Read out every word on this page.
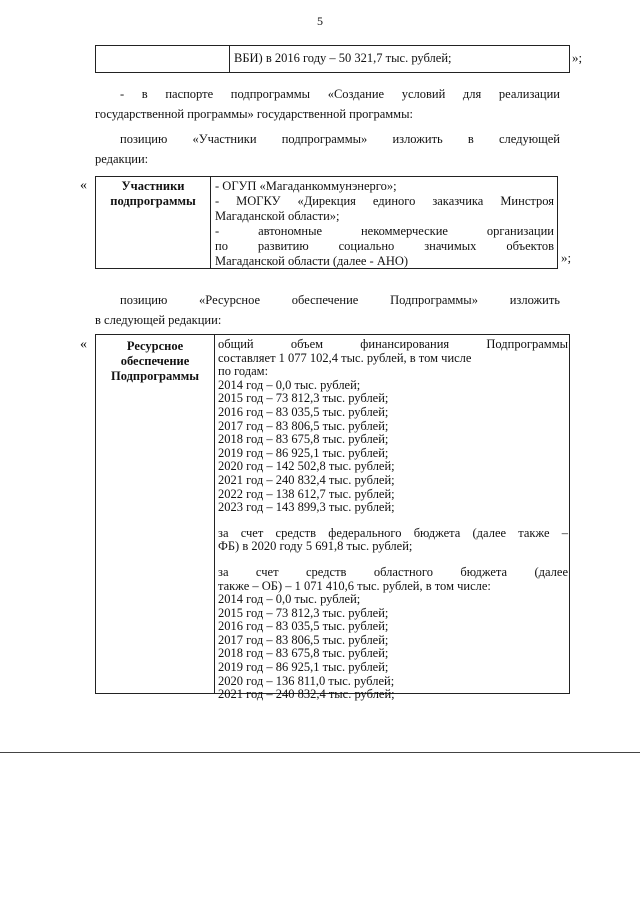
5
ВБИ) в 2016 году – 50 321,7 тыс. рублей;	»;
- в паспорте подпрограммы «Создание условий для реализации
государственной программы» государственной программы:
позицию «Участники подпрограммы» изложить в следующей
редакции:
«	Участники
подпрограммы
- ОГУП «Магаданкоммунэнерго»;
- МОГКУ «Дирекция единого заказчика Минстроя
Магаданской области»;
- автономные некоммерческие организации
по развитию социально значимых объектов
Магаданской области (далее - АНО)	»;
позицию «Ресурсное обеспечение Подпрограммы» изложить
в следующей редакции:
«	Ресурсное
обеспечение
Подпрограммы
общий объем финансирования Подпрограммы
составляет 1 077 102,4 тыс. рублей, в том числе
по годам:
2014 год – 0,0 тыс. рублей;
2015 год – 73 812,3 тыс. рублей;
2016 год – 83 035,5 тыс. рублей;
2017 год – 83 806,5 тыс. рублей;
2018 год – 83 675,8 тыс. рублей;
2019 год – 86 925,1 тыс. рублей;
2020 год – 142 502,8 тыс. рублей;
2021 год – 240 832,4 тыс. рублей;
2022 год – 138 612,7 тыс. рублей;
2023 год – 143 899,3 тыс. рублей;
за счет средств федерального бюджета (далее также –
ФБ) в 2020 году 5 691,8 тыс. рублей;
за счет средств областного бюджета (далее
также – ОБ) – 1 071 410,6 тыс. рублей, в том числе:
2014 год – 0,0 тыс. рублей;
2015 год – 73 812,3 тыс. рублей;
2016 год – 83 035,5 тыс. рублей;
2017 год – 83 806,5 тыс. рублей;
2018 год – 83 675,8 тыс. рублей;
2019 год – 86 925,1 тыс. рублей;
2020 год – 136 811,0 тыс. рублей;
2021 год – 240 832,4 тыс. рублей;
